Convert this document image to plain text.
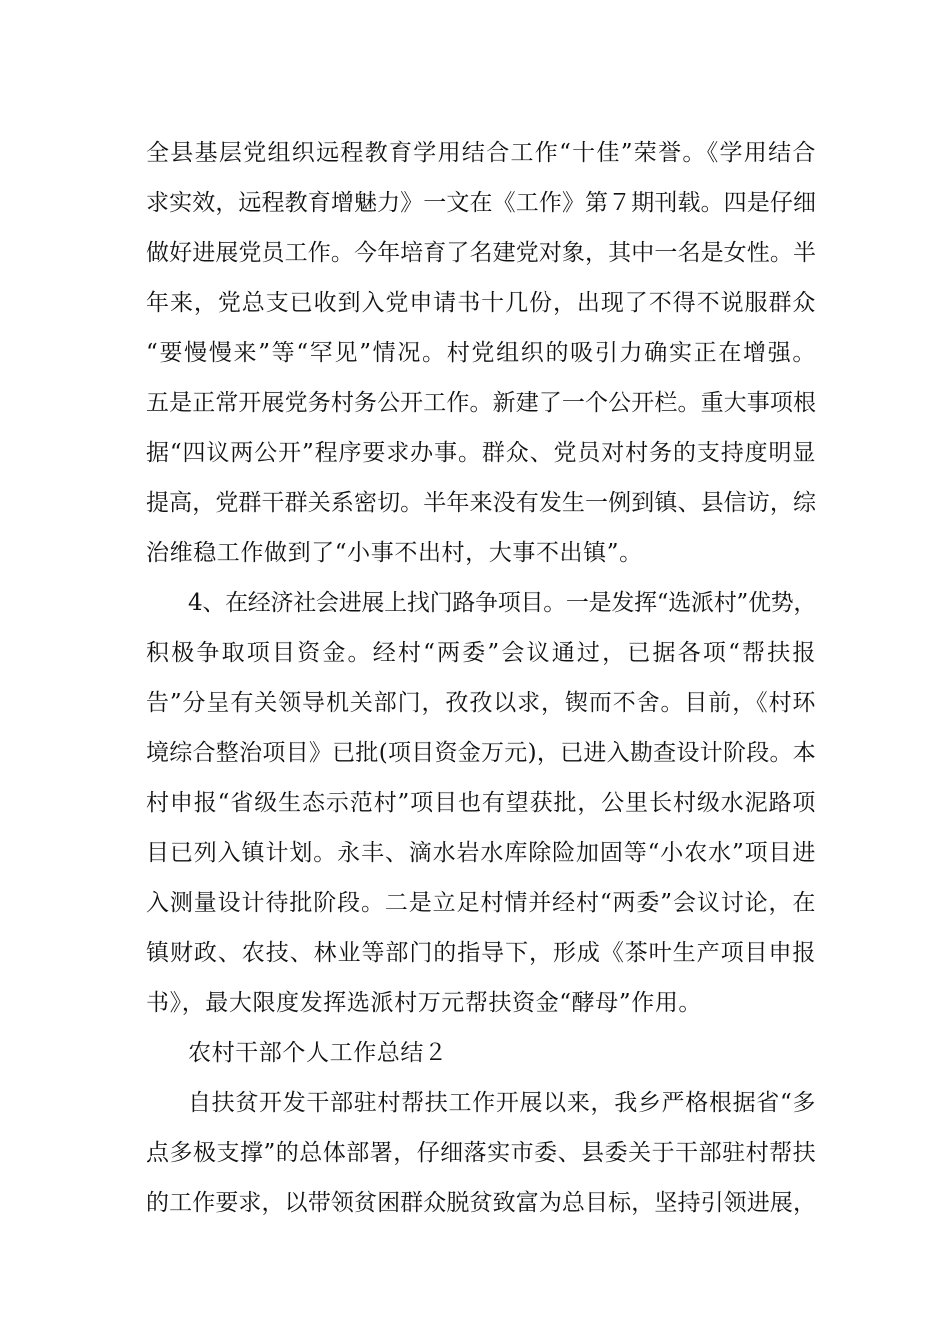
全县基层党组织远程教育学用结合工作“十佳”荣誉。《学用结合
求实效，远程教育增魅力》一文在《工作》第７期刊载。四是仔细
做好进展党员工作。今年培育了名建党对象，其中一名是女性。半
年来，党总支已收到入党申请书十几份，出现了不得不说服群众
“要慢慢来”等“罕见”情况。村党组织的吸引力确实正在增强。
五是正常开展党务村务公开工作。新建了一个公开栏。重大事项根
据“四议两公开”程序要求办事。群众、党员对村务的支持度明显
提高，党群干群关系密切。半年来没有发生一例到镇、县信访，综
治维稳工作做到了“小事不出村，大事不出镇”。
4、在经济社会进展上找门路争项目。一是发挥“选派村”优势，
积极争取项目资金。经村“两委”会议通过，已据各项“帮扶报
告”分呈有关领导机关部门，孜孜以求，锲而不舍。目前，《村环
境综合整治项目》已批(项目资金万元)，已进入勘查设计阶段。本
村申报“省级生态示范村”项目也有望获批，公里长村级水泥路项
目已列入镇计划。永丰、滴水岩水库除险加固等“小农水”项目进
入测量设计待批阶段。二是立足村情并经村“两委”会议讨论，在
镇财政、农技、林业等部门的指导下，形成《茶叶生产项目申报
书》，最大限度发挥选派村万元帮扶资金“酵母”作用。
农村干部个人工作总结２
自扶贫开发干部驻村帮扶工作开展以来，我乡严格根据省“多
点多极支撑”的总体部署，仔细落实市委、县委关于干部驻村帮扶
的工作要求，以带领贫困群众脱贫致富为总目标，坚持引领进展，
